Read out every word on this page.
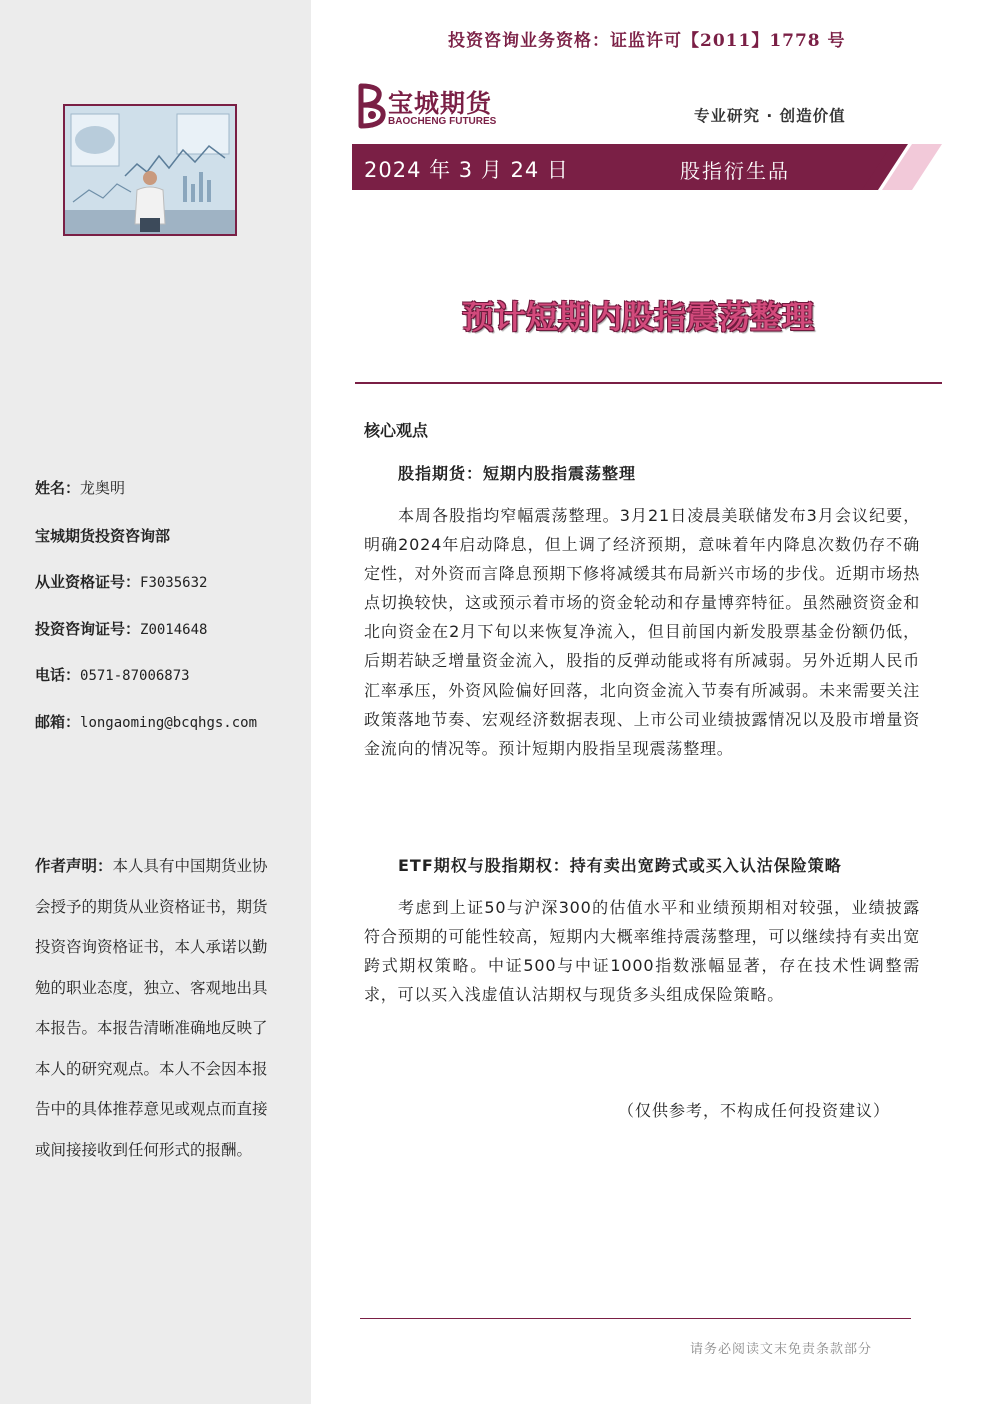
姓名：龙奥明
宝城期货投资咨询部
从业资格证号：F3035632
投资咨询证号：Z0014648
电话：0571-87006873
邮箱：longaoming@bcqhgs.com
作者声明：本人具有中国期货业协会授予的期货从业资格证书，期货投资咨询资格证书，本人承诺以勤勉的职业态度，独立、客观地出具本报告。本报告清晰准确地反映了本人的研究观点。本人不会因本报告中的具体推荐意见或观点而直接或间接接收到任何形式的报酬。
投资咨询业务资格：证监许可【2011】1778 号
宝城期货
BAOCHENG FUTURES	专业研究 · 创造价值
2024 年 3 月 24 日	股指衍生品
预计短期内股指震荡整理
核心观点
股指期货：短期内股指震荡整理
本周各股指均窄幅震荡整理。3月21日凌晨美联储发布3月会议纪要，明确2024年启动降息，但上调了经济预期，意味着年内降息次数仍存不确定性，对外资而言降息预期下修将减缓其布局新兴市场的步伐。近期市场热点切换较快，这或预示着市场的资金轮动和存量博弈特征。虽然融资资金和北向资金在2月下旬以来恢复净流入，但目前国内新发股票基金份额仍低，后期若缺乏增量资金流入，股指的反弹动能或将有所减弱。另外近期人民币汇率承压，外资风险偏好回落，北向资金流入节奏有所减弱。未来需要关注政策落地节奏、宏观经济数据表现、上市公司业绩披露情况以及股市增量资金流向的情况等。预计短期内股指呈现震荡整理。
ETF期权与股指期权：持有卖出宽跨式或买入认沽保险策略
考虑到上证50与沪深300的估值水平和业绩预期相对较强，业绩披露符合预期的可能性较高，短期内大概率维持震荡整理，可以继续持有卖出宽跨式期权策略。中证500与中证1000指数涨幅显著，存在技术性调整需求，可以买入浅虚值认沽期权与现货多头组成保险策略。
（仅供参考，不构成任何投资建议）
请务必阅读文末免责条款部分
